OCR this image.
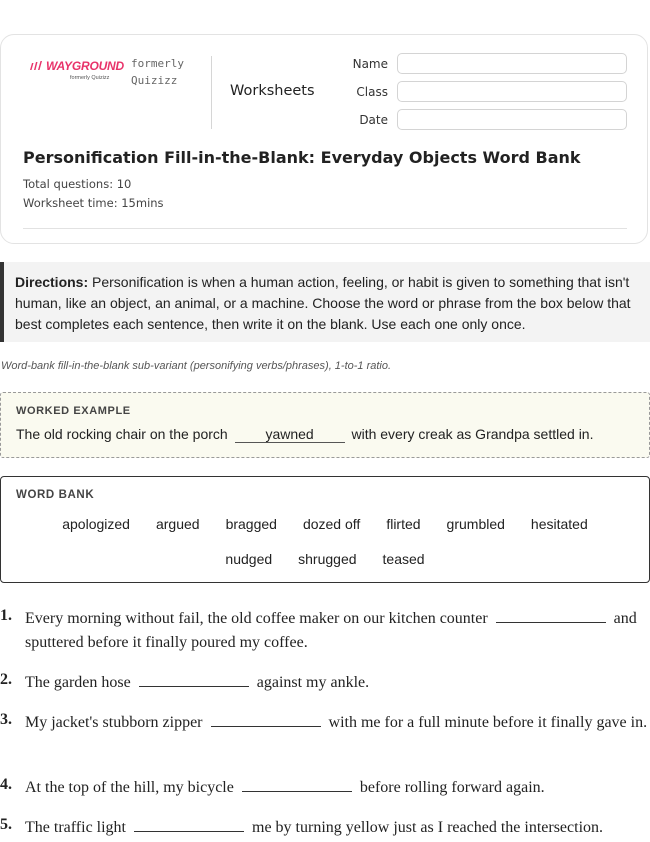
WAYGROUND
formerly Quizizz
formerly
Quizizz
Worksheets
Name
Class
Date
Personification Fill-in-the-Blank: Everyday Objects Word Bank
Total questions: 10
Worksheet time: 15mins
Directions: Personification is when a human action, feeling, or habit is given to something that isn't human, like an object, an animal, or a machine. Choose the word or phrase from the box below that best completes each sentence, then write it on the blank. Use each one only once.
Word-bank fill-in-the-blank sub-variant (personifying verbs/phrases), 1-to-1 ratio.
WORKED EXAMPLE
The old rocking chair on the porch	yawned	with every creak as Grandpa settled in.
WORD BANK
apologized argued bragged dozed off flirted grumbled hesitated
nudged shrugged teased
1. Every morning without fail, the old coffee maker on our kitchen counter	and sputtered before it finally poured my coffee.
2. The garden hose	against my ankle.
3. My jacket's stubborn zipper	with me for a full minute before it finally gave in.
4. At the top of the hill, my bicycle	before rolling forward again.
5. The traffic light	me by turning yellow just as I reached the intersection.
